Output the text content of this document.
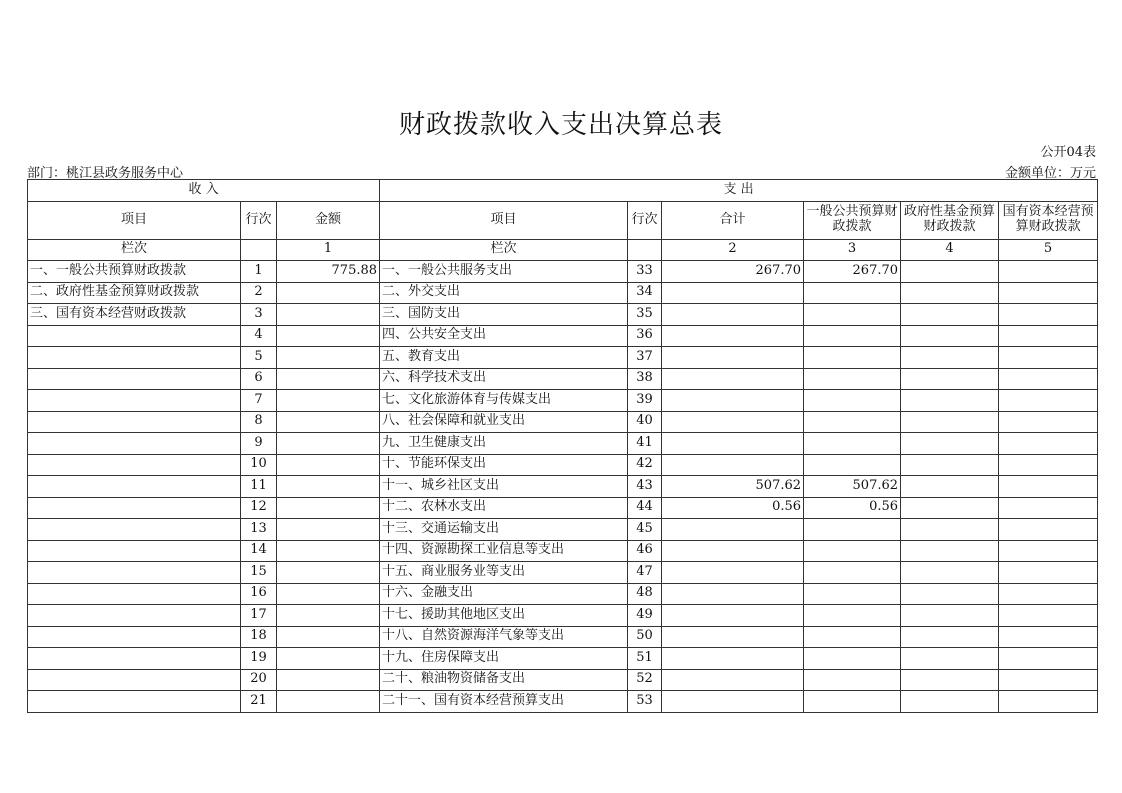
财政拨款收入支出决算总表
公开04表
部门：桃江县政务服务中心	金额单位：万元
收 入			支 出					
项目	行次	金额	项目	行次	合计	一般公共预算财政拨款	政府性基金预算财政拨款	国有资本经营预算财政拨款
栏次		1	栏次		2	3	4	5
一、一般公共预算财政拨款	1	775.88	一、一般公共服务支出	33	267.70	267.70		
二、政府性基金预算财政拨款	2		二、外交支出	34				
三、国有资本经营财政拨款	3		三、国防支出	35				
	4		四、公共安全支出	36				
	5		五、教育支出	37				
	6		六、科学技术支出	38				
	7		七、文化旅游体育与传媒支出	39				
	8		八、社会保障和就业支出	40				
	9		九、卫生健康支出	41				
	10		十、节能环保支出	42				
	11		十一、城乡社区支出	43	507.62	507.62		
	12		十二、农林水支出	44	0.56	0.56		
	13		十三、交通运输支出	45				
	14		十四、资源勘探工业信息等支出	46				
	15		十五、商业服务业等支出	47				
	16		十六、金融支出	48				
	17		十七、援助其他地区支出	49				
	18		十八、自然资源海洋气象等支出	50				
	19		十九、住房保障支出	51				
	20		二十、粮油物资储备支出	52				
	21		二十一、国有资本经营预算支出	53				
